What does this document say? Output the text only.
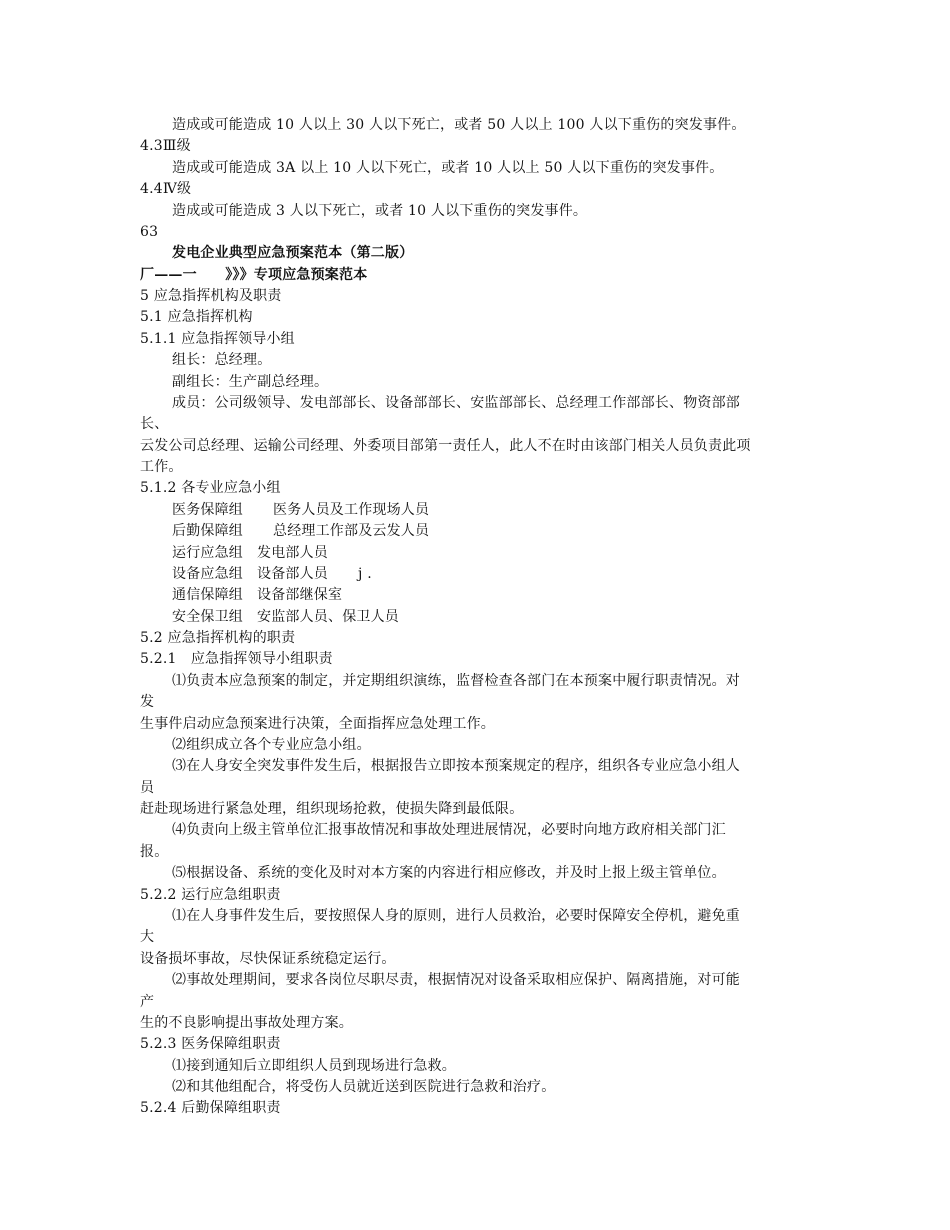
造成或可能造成 10 人以上 30 人以下死亡，或者 50 人以上 100 人以下重伤的突发事件。
4.3Ⅲ级
造成或可能造成 3A 以上 10 人以下死亡，或者 10 人以上 50 人以下重伤的突发事件。
4.4Ⅳ级
造成或可能造成 3 人以下死亡，或者 10 人以下重伤的突发事件。
63
发电企业典型应急预案范本（第二版）
厂——一　　》》》专项应急预案范本
5 应急指挥机构及职责
5.1 应急指挥机构
5.1.1 应急指挥领导小组
组长：总经理。
副组长：生产副总经理。
成员：公司级领导、发电部部长、设备部部长、安监部部长、总经理工作部部长、物资部部
长、
云发公司总经理、运输公司经理、外委项目部第一责任人，此人不在时由该部门相关人员负责此项
工作。
5.1.2 各专业应急小组
医务保障组 医务人员及工作现场人员
后勤保障组 总经理工作部及云发人员
运行应急组 发电部人员
设备应急组 设备部人员 j .
通信保障组 设备部继保室
安全保卫组 安监部人员、保卫人员
5.2 应急指挥机构的职责
5.2.1　应急指挥领导小组职责
⑴负责本应急预案的制定，并定期组织演练，监督检查各部门在本预案中履行职责情况。对
发
生事件启动应急预案进行决策，全面指挥应急处理工作。
⑵组织成立各个专业应急小组。
⑶在人身安全突发事件发生后，根据报告立即按本预案规定的程序，组织各专业应急小组人
员
赶赴现场进行紧急处理，组织现场抢救，使损失降到最低限。
⑷负责向上级主管单位汇报事故情况和事故处理进展情况，必要时向地方政府相关部门汇
报。
⑸根据设备、系统的变化及时对本方案的内容进行相应修改，并及时上报上级主管单位。
5.2.2 运行应急组职责
⑴在人身事件发生后，要按照保人身的原则，进行人员救治，必要时保障安全停机，避免重
大
设备损坏事故，尽快保证系统稳定运行。
⑵事故处理期间，要求各岗位尽职尽责，根据情况对设备采取相应保护、隔离措施，对可能
产
生的不良影响提出事故处理方案。
5.2.3 医务保障组职责
⑴接到通知后立即组织人员到现场进行急救。
⑵和其他组配合，将受伤人员就近送到医院进行急救和治疗。
5.2.4 后勤保障组职责
